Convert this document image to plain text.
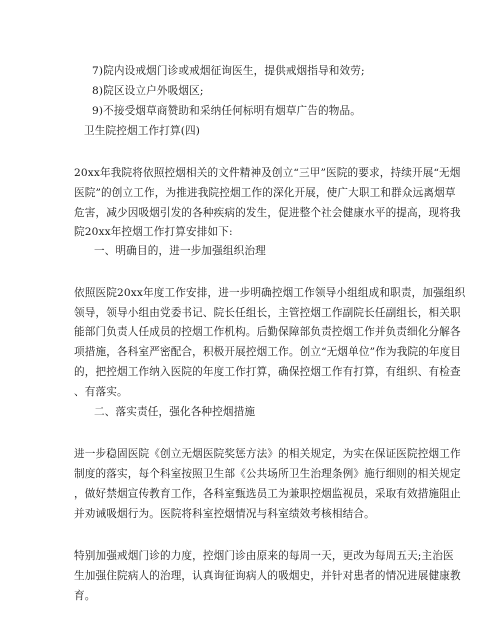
7)院内设戒烟门诊或戒烟征询医生，提供戒烟指导和效劳;
8)院区设立户外吸烟区;
9)不接受烟草商赞助和采纳任何标明有烟草广告的物品。
卫生院控烟工作打算(四)
20xx年我院将依照控烟相关的文件精神及创立“三甲”医院的要求，持续开展“无烟
医院”的创立工作，为推进我院控烟工作的深化开展，使广大职工和群众远离烟草
危害，减少因吸烟引发的各种疾病的发生，促进整个社会健康水平的提高，现将我
院20xx年控烟工作打算安排如下:
一、明确目的，进一步加强组织治理
依照医院20xx年度工作安排，进一步明确控烟工作领导小组组成和职责，加强组织
领导，领导小组由党委书记、院长任组长，主管控烟工作副院长任副组长，相关职
能部门负责人任成员的控烟工作机构。后勤保障部负责控烟工作并负责细化分解各
项措施，各科室严密配合，积极开展控烟工作。创立“无烟单位”作为我院的年度目
的，把控烟工作纳入医院的年度工作打算，确保控烟工作有打算，有组织、有检查
、有落实。
二、落实责任，强化各种控烟措施
进一步稳固医院《创立无烟医院奖惩方法》的相关规定，为实在保证医院控烟工作
制度的落实，每个科室按照卫生部《公共场所卫生治理条例》施行细则的相关规定
，做好禁烟宣传教育工作，各科室甄选员工为兼职控烟监视员，采取有效措施阻止
并劝诫吸烟行为。医院将科室控烟情况与科室绩效考核相结合。
特别加强戒烟门诊的力度，控烟门诊由原来的每周一天，更改为每周五天;主治医
生加强住院病人的治理，认真询征询病人的吸烟史，并针对患者的情况进展健康教
育。
